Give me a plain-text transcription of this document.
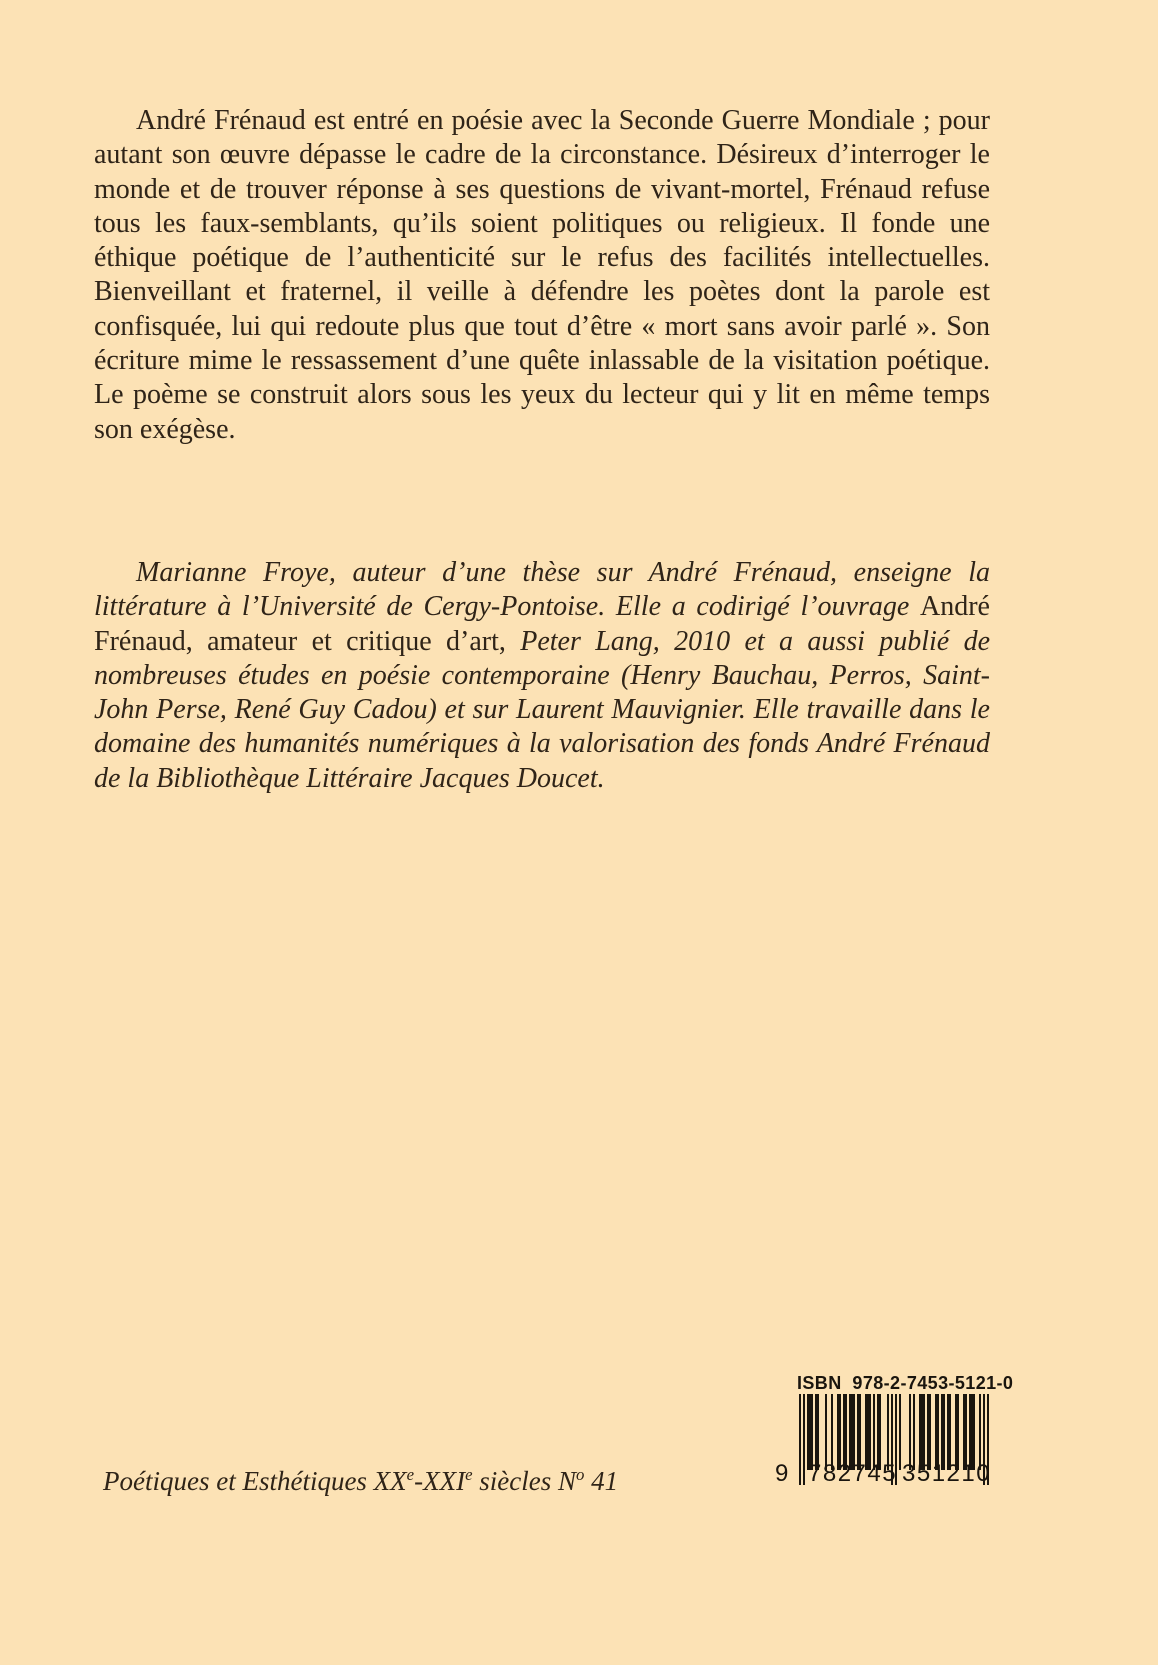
André Frénaud est entré en poésie avec la Seconde Guerre Mondiale ; pour autant son œuvre dépasse le cadre de la circonstance. Désireux d’interroger le monde et de trouver réponse à ses questions de vivant-mortel, Frénaud refuse tous les faux-semblants, qu’ils soient politiques ou religieux. Il fonde une éthique poétique de l’authenticité sur le refus des facilités intellectuelles. Bienveillant et fraternel, il veille à défendre les poètes dont la parole est confisquée, lui qui redoute plus que tout d’être « mort sans avoir parlé ». Son écriture mime le ressassement d’une quête inlassable de la visitation poétique. Le poème se construit alors sous les yeux du lecteur qui y lit en même temps son exégèse.

Marianne Froye, auteur d’une thèse sur André Frénaud, enseigne la littérature à l’Université de Cergy-Pontoise. Elle a codirigé l’ouvrage André Frénaud, amateur et critique d’art, Peter Lang, 2010 et a aussi publié de nombreuses études en poésie contemporaine (Henry Bauchau, Perros, Saint-John Perse, René Guy Cadou) et sur Laurent Mauvignier. Elle travaille dans le domaine des humanités numériques à la valorisation des fonds André Frénaud de la Bibliothèque Littéraire Jacques Doucet.

ISBN  978-2-7453-5121-0
9 782745 351210
Poétiques et Esthétiques XXe-XXIe siècles $N^o$ 41
